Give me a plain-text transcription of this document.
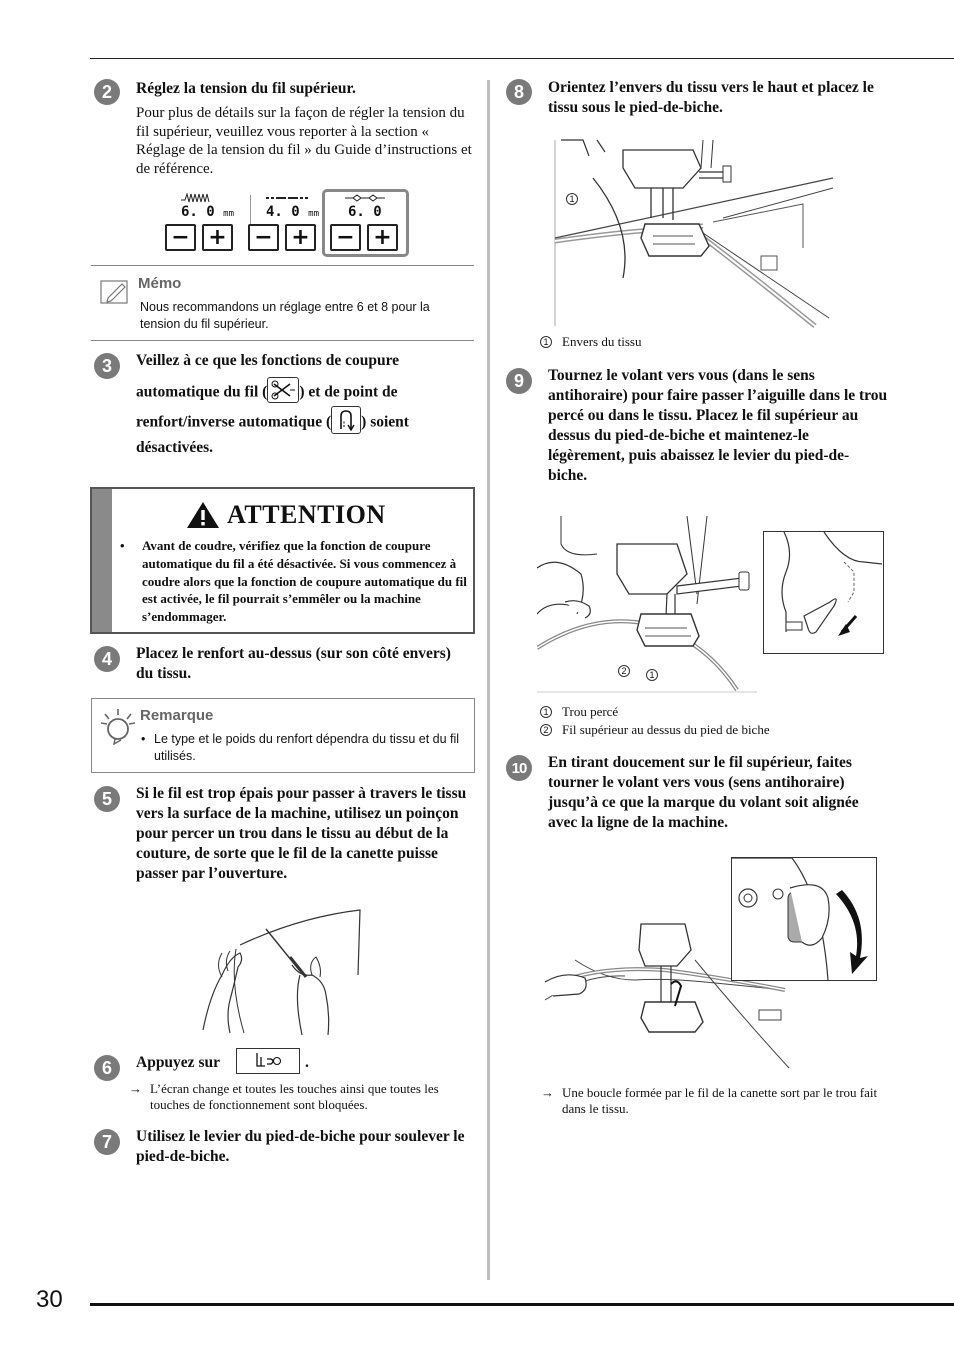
30
2	Réglez la tension du fil supérieur.
Pour plus de détails sur la façon de régler la tension du fil supérieur, veuillez vous reporter à la section « Réglage de la tension du fil » du Guide d’instructions et de référence.
6. 0 mm
− +
4. 0 mm
− +
6. 0
− +
Mémo
Nous recommandons un réglage entre 6 et 8 pour la tension du fil supérieur.
3	Veillez à ce que les fonctions de coupure
automatique du fil ( ) et de point de
renfort/inverse automatique ( ) soient
désactivées.
ATTENTION
• Avant de coudre, vérifiez que la fonction de coupure automatique du fil a été désactivée. Si vous commencez à coudre alors que la fonction de coupure automatique du fil est activée, le fil pourrait s’emmêler ou la machine s’endommager.
4	Placez le renfort au-dessus (sur son côté envers) du tissu.
Remarque
• Le type et le poids du renfort dépendra du tissu et du fil utilisés.
5	Si le fil est trop épais pour passer à travers le tissu vers la surface de la machine, utilisez un poinçon pour percer un trou dans le tissu au début de la couture, de sorte que le fil de la canette puisse passer par l’ouverture.
6	Appuyez sur	.
→ L’écran change et toutes les touches ainsi que toutes les touches de fonctionnement sont bloquées.
7	Utilisez le levier du pied-de-biche pour soulever le pied-de-biche.
8	Orientez l’envers du tissu vers le haut et placez le tissu sous le pied-de-biche.
1
1 Envers du tissu
9	Tournez le volant vers vous (dans le sens antihoraire) pour faire passer l’aiguille dans le trou percé ou dans le tissu. Placez le fil supérieur au dessus du pied-de-biche et maintenez-le légèrement, puis abaissez le levier du pied-de-biche.
2	1
1 Trou percé
2 Fil supérieur au dessus du pied de biche
10	En tirant doucement sur le fil supérieur, faites tourner le volant vers vous (sens antihoraire) jusqu’à ce que la marque du volant soit alignée avec la ligne de la machine.
→ Une boucle formée par le fil de la canette sort par le trou fait dans le tissu.
